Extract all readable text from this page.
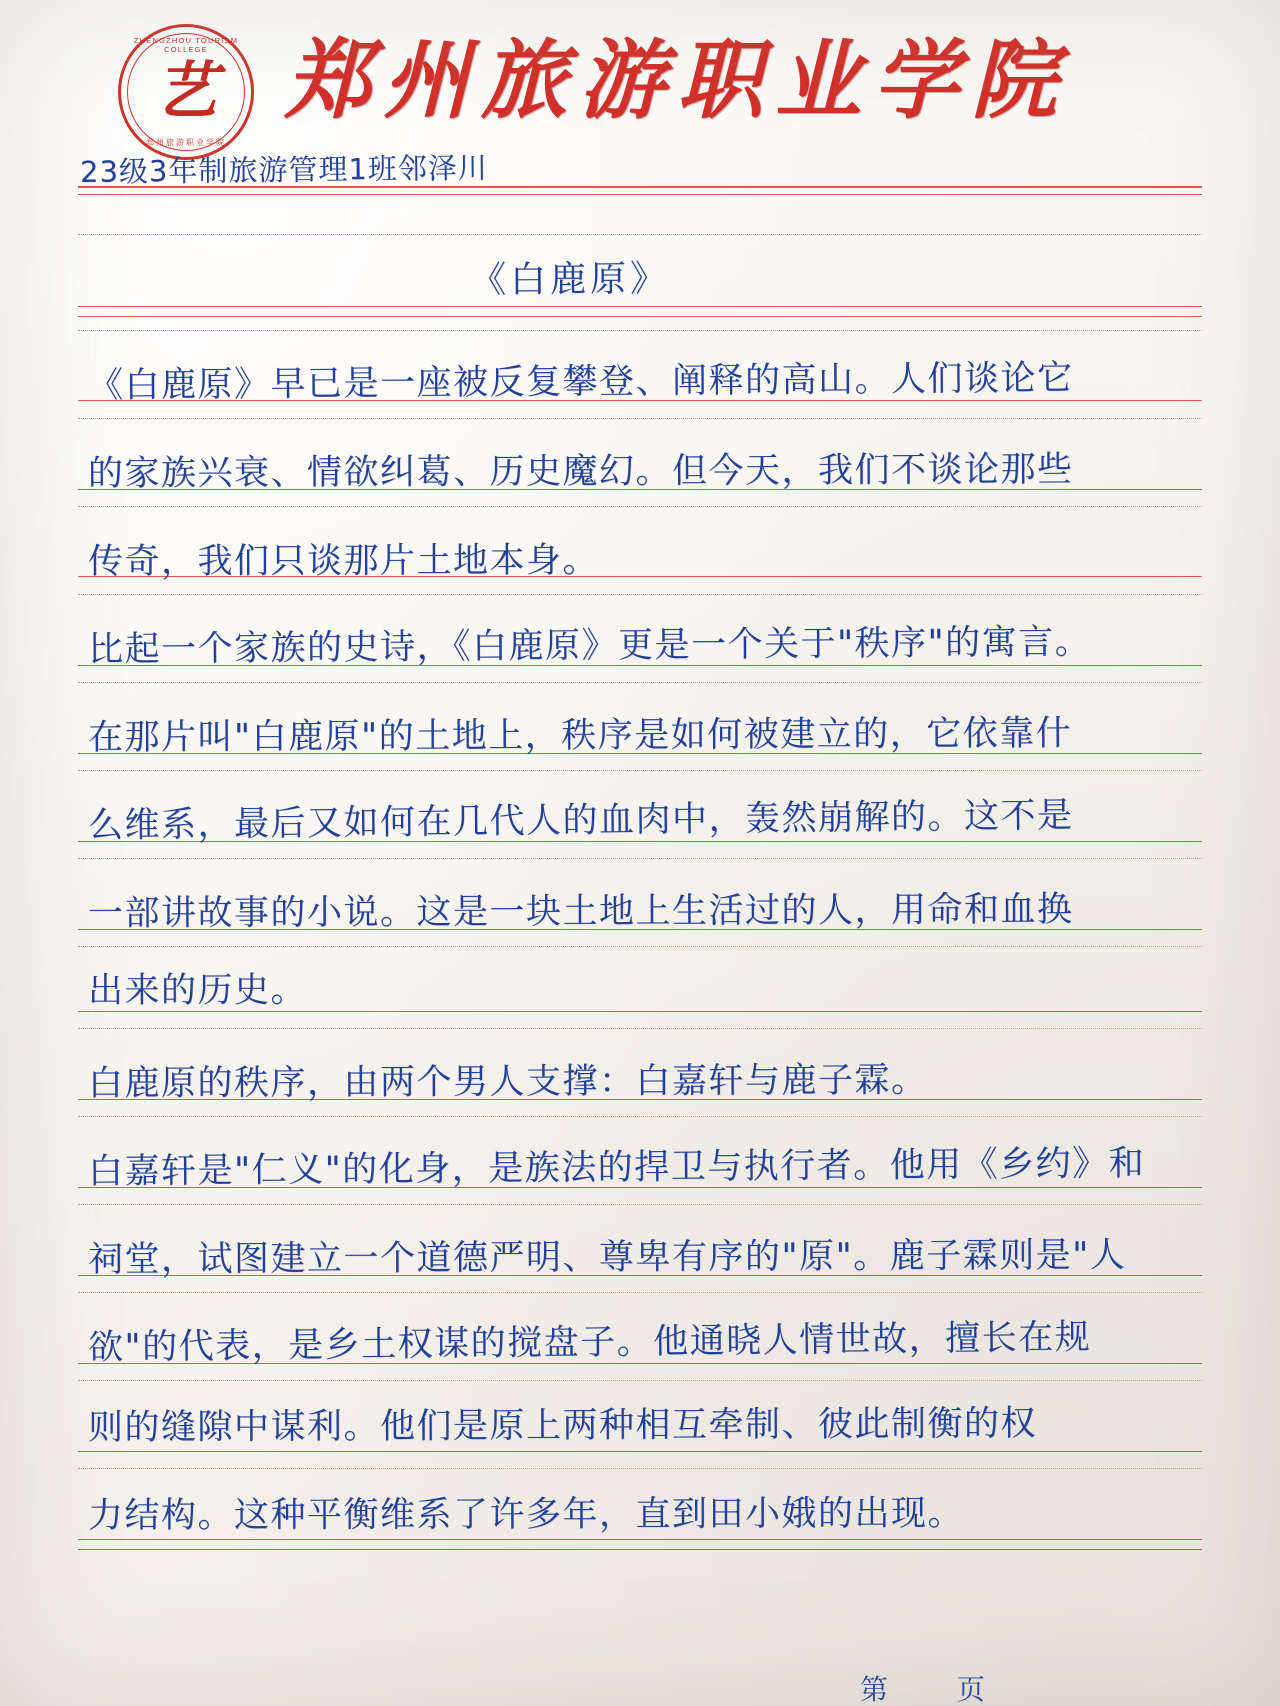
ZHENGZHOU TOURISM COLLEGE
艺
郑州旅游职业学院
郑州旅游职业学院
23级3年制旅游管理1班邻泽川
《白鹿原》
《白鹿原》早已是一座被反复攀登、阐释的高山。人们谈论它
的家族兴衰、情欲纠葛、历史魔幻。但今天，我们不谈论那些
传奇，我们只谈那片土地本身。
比起一个家族的史诗，《白鹿原》更是一个关于"秩序"的寓言。
在那片叫"白鹿原"的土地上，秩序是如何被建立的，它依靠什
么维系，最后又如何在几代人的血肉中，轰然崩解的。这不是
一部讲故事的小说。这是一块土地上生活过的人，用命和血换
出来的历史。
白鹿原的秩序，由两个男人支撑：白嘉轩与鹿子霖。
白嘉轩是"仁义"的化身，是族法的捍卫与执行者。他用《乡约》和
祠堂，试图建立一个道德严明、尊卑有序的"原"。鹿子霖则是"人
欲"的代表，是乡土权谋的搅盘子。他通晓人情世故，擅长在规
则的缝隙中谋利。他们是原上两种相互牵制、彼此制衡的权
力结构。这种平衡维系了许多年，直到田小娥的出现。
第 页
